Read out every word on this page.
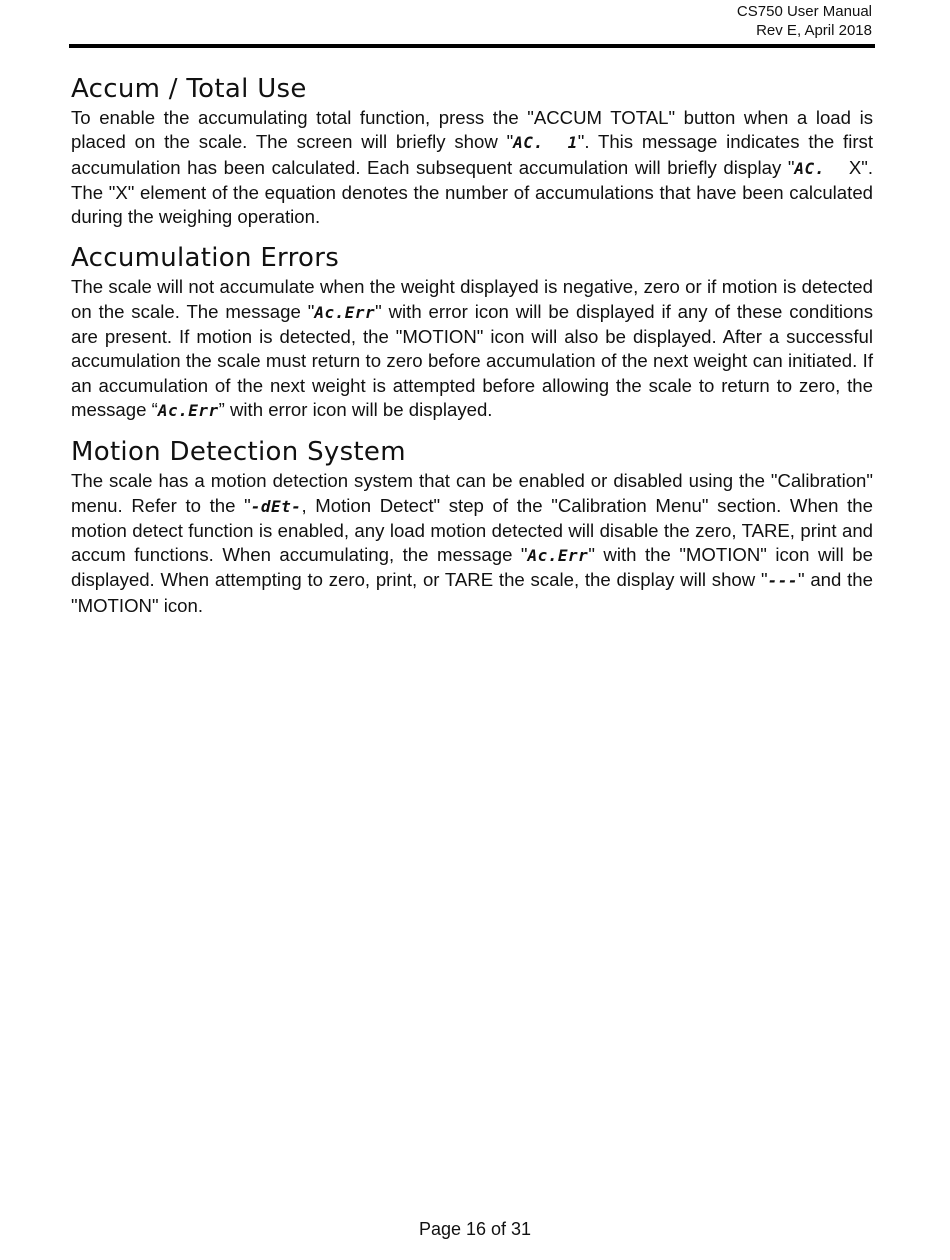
CS750 User Manual
Rev E, April 2018
Accum / Total Use

To enable the accumulating total function, press the "ACCUM TOTAL" button when a load is placed on the scale. The screen will briefly show "AC. 1". This message indicates the first accumulation has been calculated. Each subsequent accumulation will briefly display "AC. X". The "X" element of the equation denotes the number of accumulations that have been calculated during the weighing operation.

Accumulation Errors

The scale will not accumulate when the weight displayed is negative, zero or if motion is detected on the scale. The message "Ac.Err" with error icon will be displayed if any of these conditions are present. If motion is detected, the "MOTION" icon will also be displayed. After a successful accumulation the scale must return to zero before accumulation of the next weight can initiated. If an accumulation of the next weight is attempted before allowing the scale to return to zero, the message “Ac.Err” with error icon will be displayed.

Motion Detection System

The scale has a motion detection system that can be enabled or disabled using the "Calibration" menu. Refer to the "-dEt-, Motion Detect" step of the "Calibration Menu" section. When the motion detect function is enabled, any load motion detected will disable the zero, TARE, print and accum functions. When accumulating, the message "Ac.Err" with the "MOTION" icon will be displayed. When attempting to zero, print, or TARE the scale, the display will show "---" and the "MOTION" icon.

Page 16 of 31
